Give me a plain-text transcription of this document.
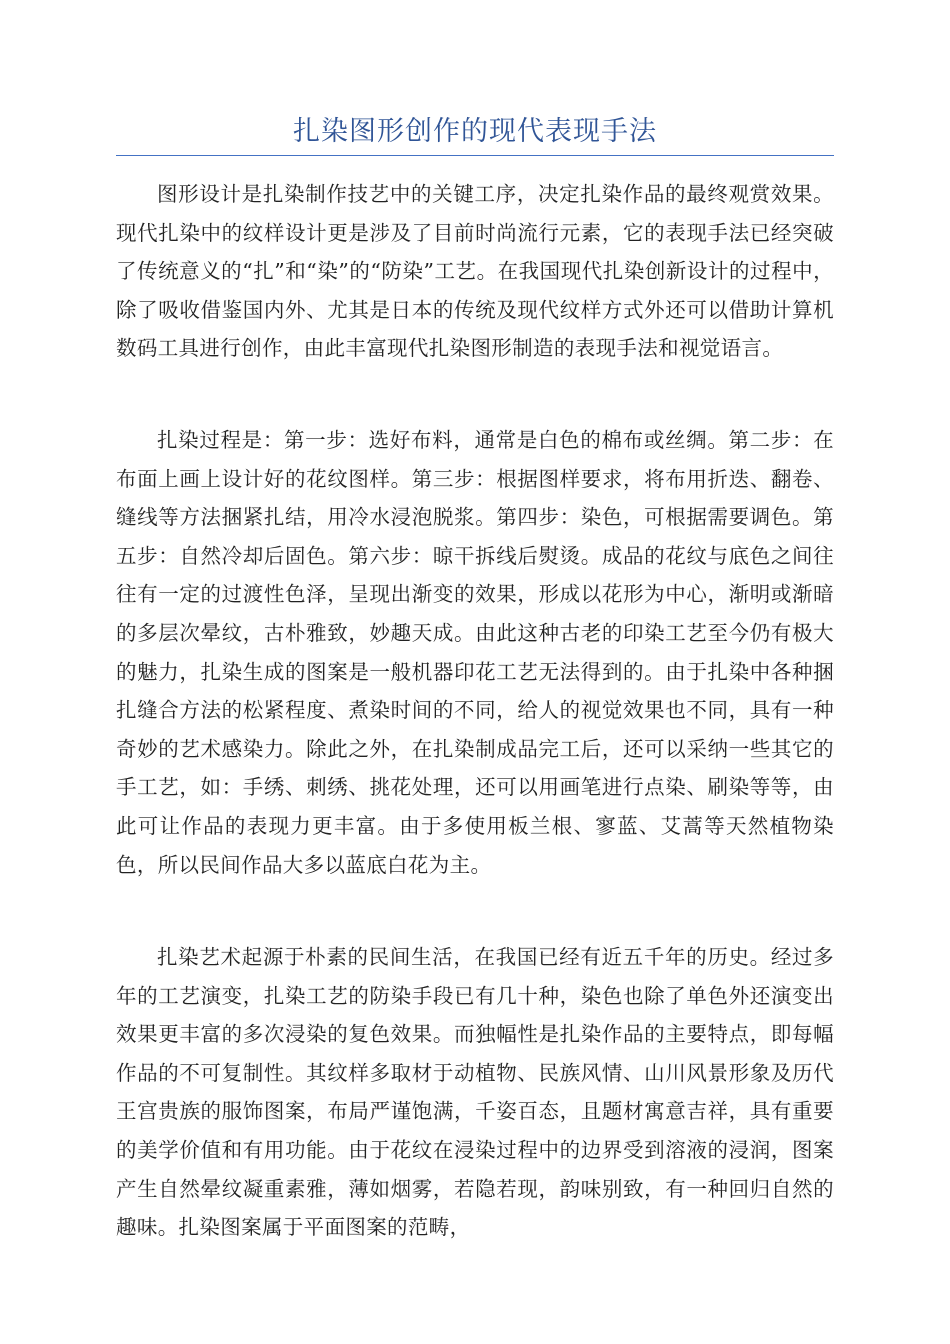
扎染图形创作的现代表现手法

图形设计是扎染制作技艺中的关键工序，决定扎染作品的最终观赏效果。现代扎染中的纹样设计更是涉及了目前时尚流行元素，它的表现手法已经突破了传统意义的“扎”和“染”的“防染”工艺。在我国现代扎染创新设计的过程中，除了吸收借鉴国内外、尤其是日本的传统及现代纹样方式外还可以借助计算机数码工具进行创作，由此丰富现代扎染图形制造的表现手法和视觉语言。

扎染过程是：第一步：选好布料，通常是白色的棉布或丝绸。第二步：在布面上画上设计好的花纹图样。第三步：根据图样要求，将布用折迭、翻卷、缝线等方法捆紧扎结，用冷水浸泡脱浆。第四步：染色，可根据需要调色。第五步：自然冷却后固色。第六步：晾干拆线后熨烫。成品的花纹与底色之间往往有一定的过渡性色泽，呈现出渐变的效果，形成以花形为中心，渐明或渐暗的多层次晕纹，古朴雅致，妙趣天成。由此这种古老的印染工艺至今仍有极大的魅力，扎染生成的图案是一般机器印花工艺无法得到的。由于扎染中各种捆扎缝合方法的松紧程度、煮染时间的不同，给人的视觉效果也不同，具有一种奇妙的艺术感染力。除此之外，在扎染制成品完工后，还可以采纳一些其它的手工艺，如：手绣、刺绣、挑花处理，还可以用画笔进行点染、刷染等等，由此可让作品的表现力更丰富。由于多使用板兰根、寥蓝、艾蒿等天然植物染色，所以民间作品大多以蓝底白花为主。

扎染艺术起源于朴素的民间生活，在我国已经有近五千年的历史。经过多年的工艺演变，扎染工艺的防染手段已有几十种，染色也除了单色外还演变出效果更丰富的多次浸染的复色效果。而独幅性是扎染作品的主要特点，即每幅作品的不可复制性。其纹样多取材于动植物、民族风情、山川风景形象及历代王宫贵族的服饰图案，布局严谨饱满，千姿百态，且题材寓意吉祥，具有重要的美学价值和有用功能。由于花纹在浸染过程中的边界受到溶液的浸润，图案产生自然晕纹凝重素雅，薄如烟雾，若隐若现，韵味别致，有一种回归自然的趣味。扎染图案属于平面图案的范畴，
